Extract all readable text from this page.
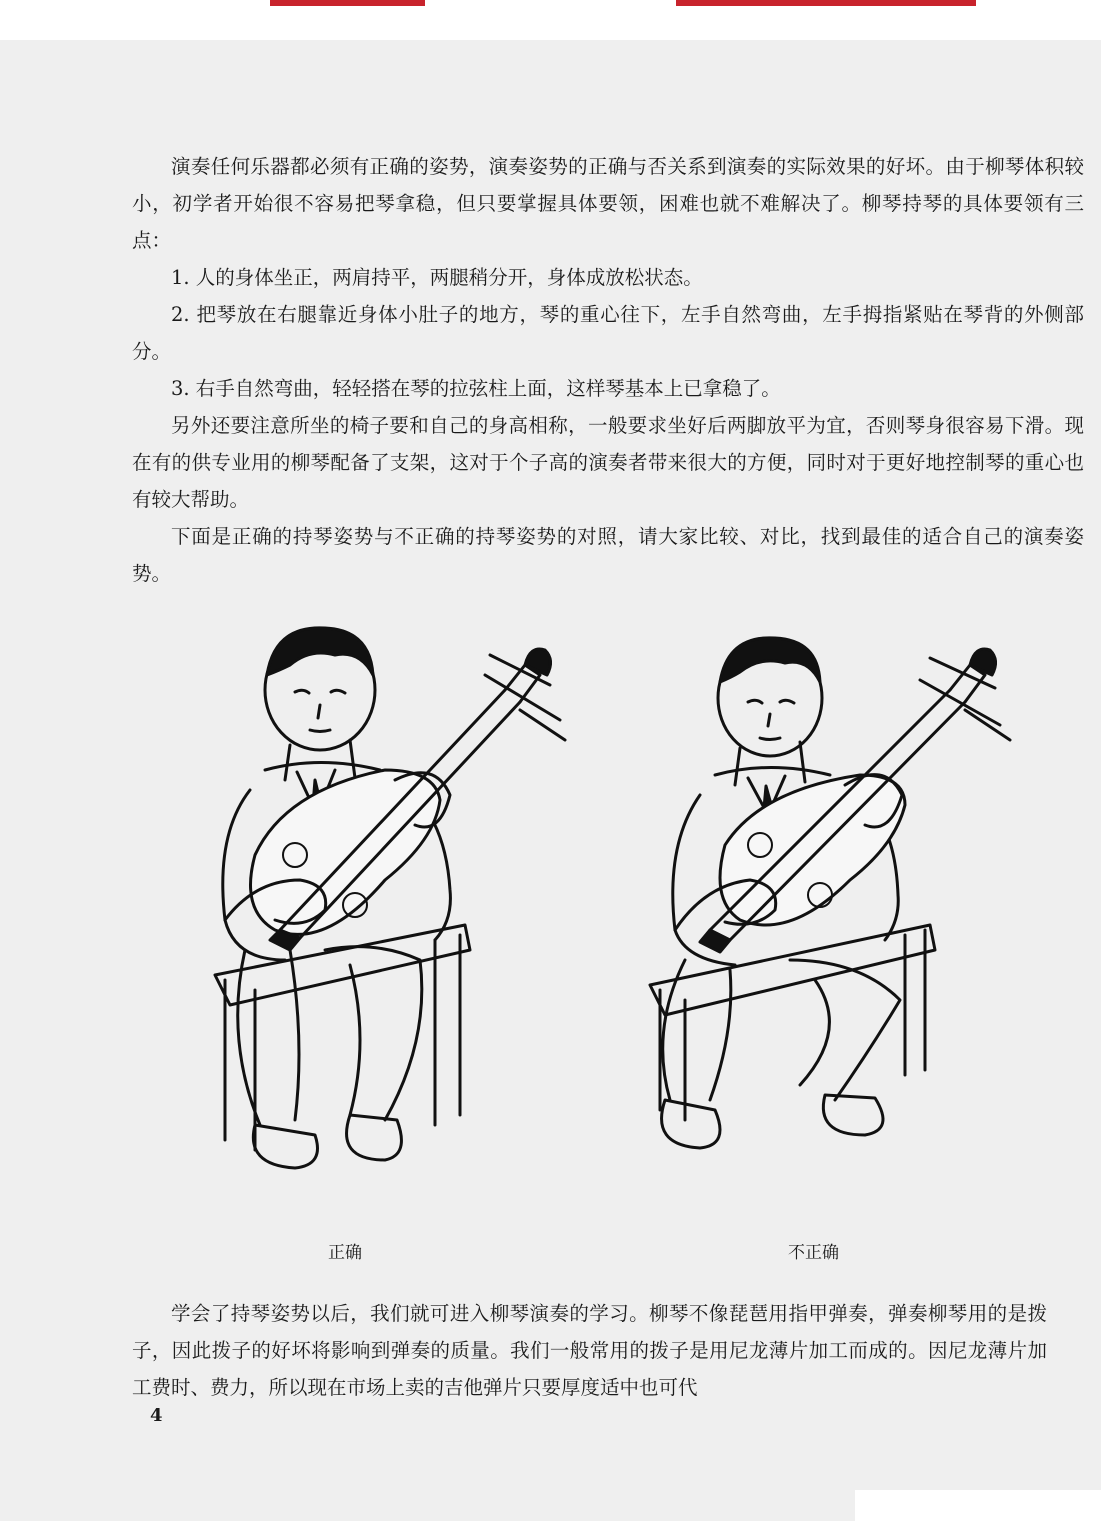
演奏任何乐器都必须有正确的姿势，演奏姿势的正确与否关系到演奏的实际效果的好坏。由于柳琴体积较小，初学者开始很不容易把琴拿稳，但只要掌握具体要领，困难也就不难解决了。柳琴持琴的具体要领有三点：

1. 人的身体坐正，两肩持平，两腿稍分开，身体成放松状态。

2. 把琴放在右腿靠近身体小肚子的地方，琴的重心往下，左手自然弯曲，左手拇指紧贴在琴背的外侧部分。

3. 右手自然弯曲，轻轻搭在琴的拉弦柱上面，这样琴基本上已拿稳了。

另外还要注意所坐的椅子要和自己的身高相称，一般要求坐好后两脚放平为宜，否则琴身很容易下滑。现在有的供专业用的柳琴配备了支架，这对于个子高的演奏者带来很大的方便，同时对于更好地控制琴的重心也有较大帮助。

下面是正确的持琴姿势与不正确的持琴姿势的对照，请大家比较、对比，找到最佳的适合自己的演奏姿势。

正确	不正确

学会了持琴姿势以后，我们就可进入柳琴演奏的学习。柳琴不像琵琶用指甲弹奏，弹奏柳琴用的是拨子，因此拨子的好坏将影响到弹奏的质量。我们一般常用的拨子是用尼龙薄片加工而成的。因尼龙薄片加工费时、费力，所以现在市场上卖的吉他弹片只要厚度适中也可代

4
